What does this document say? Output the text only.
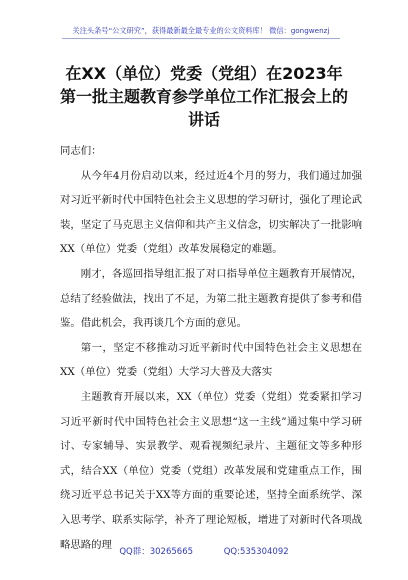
关注头条号“公文研究”，获得最新最全最专业的公文资料库！ 微信：gongwenzj
在XX（单位）党委（党组）在2023年
第一批主题教育参学单位工作汇报会上的
讲话

同志们：

从今年4月份启动以来，经过近4个月的努力，我们通过加强对习近平新时代中国特色社会主义思想的学习研讨，强化了理论武装，坚定了马克思主义信仰和共产主义信念，切实解决了一批影响XX（单位）党委（党组）改革发展稳定的难题。

刚才，各巡回指导组汇报了对口指导单位主题教育开展情况，总结了经验做法，找出了不足，为第二批主题教育提供了参考和借鉴。借此机会，我再谈几个方面的意见。

第一，坚定不移推动习近平新时代中国特色社会主义思想在XX（单位）党委（党组）大学习大普及大落实

主题教育开展以来，XX（单位）党委（党组）党委紧扣学习习近平新时代中国特色社会主义思想“这一主线”通过集中学习研讨、专家辅导、实景教学、观看视频纪录片、主题征文等多种形式，结合XX（单位）党委（党组）改革发展和党建重点工作，围绕习近平总书记关于XX等方面的重要论述，坚持全面系统学、深入思考学、联系实际学，补齐了理论短板，增进了对新时代各项战略思路的理

QQ群：30265665	QQ:535304092
